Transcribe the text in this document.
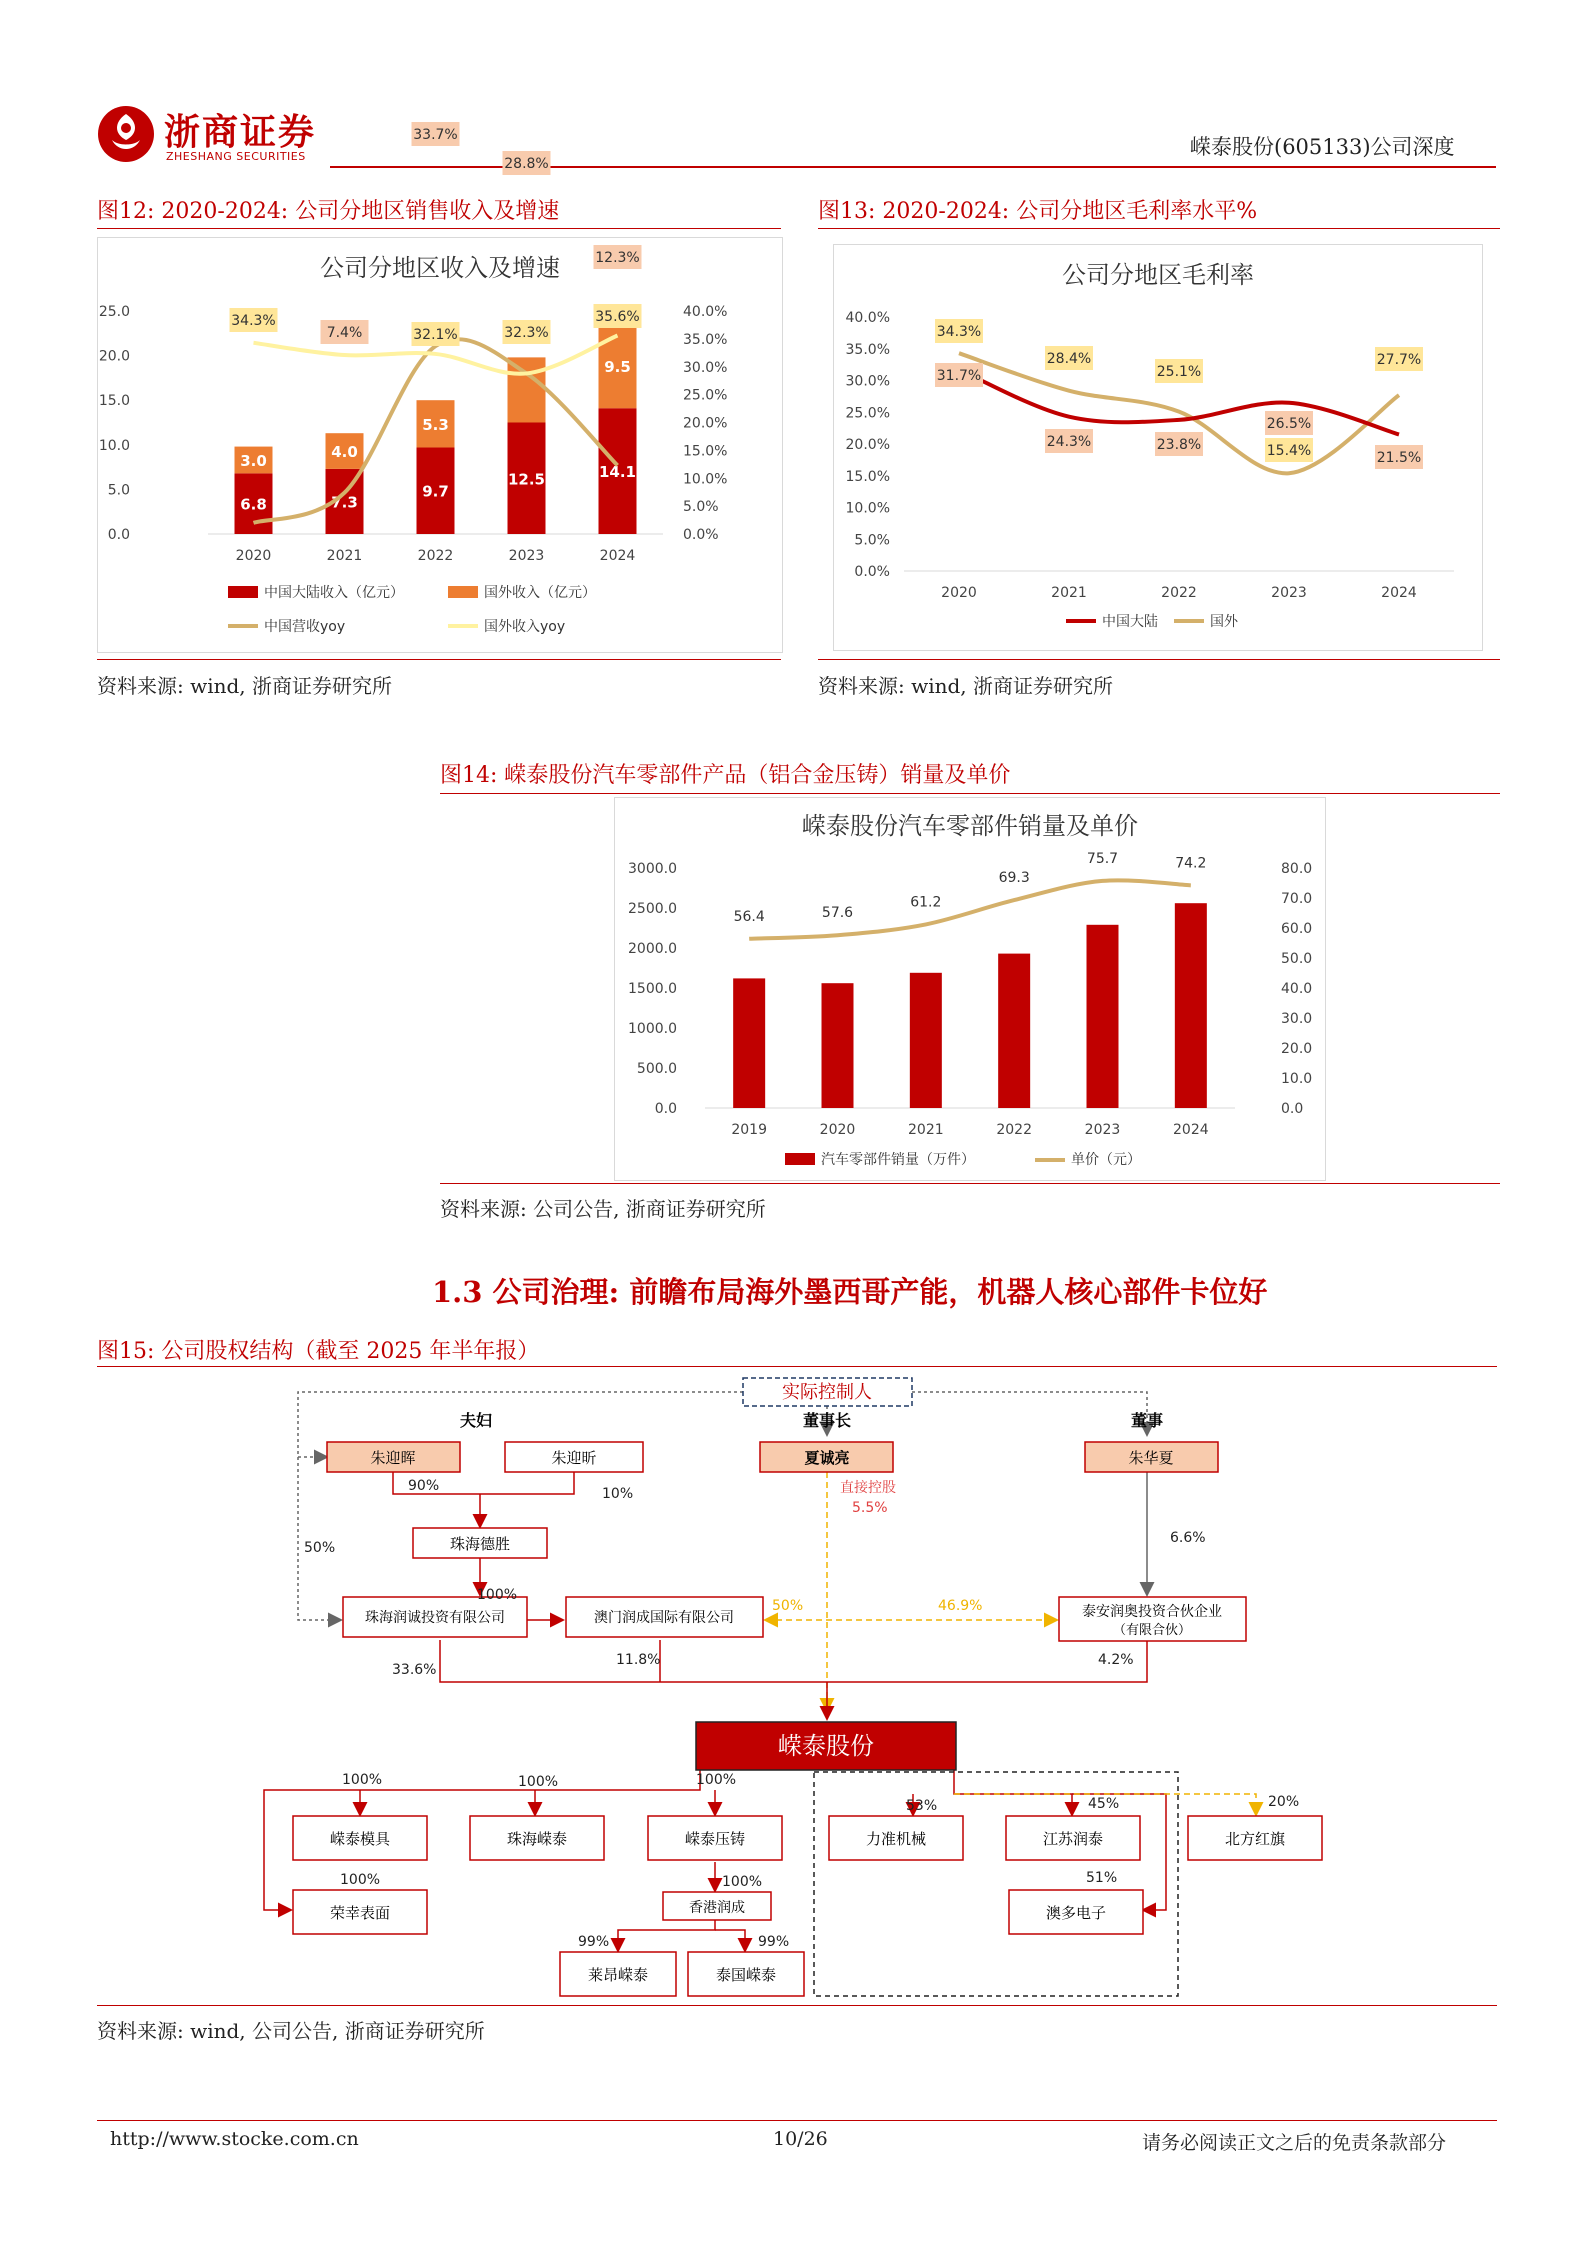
浙商证券
ZHESHANG SECURITIES	嵘泰股份(605133)公司深度
图12: 2020-2024: 公司分地区销售收入及增速
公司分地区收入及增速
0.0
5.0
10.0
15.0
20.0
25.0
0.0%
5.0%
10.0%
15.0%
20.0%
25.0%
30.0%
35.0%
40.0%
2020	2021	2022	2023	2024
6.8
3.0
7.3
4.0
9.7
5.3
12.5	14.1
9.5
7.4%
33.7%
28.8%
12.3%
34.3%
32.1%	32.3%
35.6%
中国大陆收入（亿元）	国外收入（亿元）
中国营收yoy	国外收入yoy
资料来源: wind, 浙商证券研究所
图13: 2020-2024: 公司分地区毛利率水平%
公司分地区毛利率
0.0%
5.0%
10.0%
15.0%
20.0%
25.0%
30.0%
35.0%
40.0%
2020	2021	2022	2023	2024
31.7%
24.3%	23.8%
26.5%
21.5%
34.3%
28.4%
25.1%
15.4%
27.7%
中国大陆	国外
资料来源: wind, 浙商证券研究所
图14: 嵘泰股份汽车零部件产品（铝合金压铸）销量及单价
嵘泰股份汽车零部件销量及单价
0.0
500.0
1000.0
1500.0
2000.0
2500.0
3000.0
0.0
10.0
20.0
30.0
40.0
50.0
60.0
70.0
80.0
2019	2020	2021	2022	2023	2024
56.4	57.6
61.2
69.3
75.7	74.2
汽车零部件销量（万件）	单价（元）
资料来源: 公司公告, 浙商证券研究所
1.3 公司治理: 前瞻布局海外墨西哥产能，机器人核心部件卡位好
图15: 公司股权结构（截至 2025 年半年报）
实际控制人
夫妇	董事长	董事
朱迎晖	朱迎昕	夏诚亮	朱华夏
珠海德胜
珠海润诚投资有限公司	澳门润成国际有限公司	泰安润奥投资合伙企业
（有限合伙）
嵘泰股份
嵘泰模具	珠海嵘泰	嵘泰压铸	力准机械	江苏润泰	北方红旗
荣幸表面	香港润成	澳多电子
莱昂嵘泰	泰国嵘泰
90%	10%
50%
100%
6.6%
直接控股
5.5%
50%	46.9%
33.6%
11.8%	4.2%
100%	100%	100%
53%	45%	20%
100%	100%	51%
99%	99%
资料来源: wind, 公司公告, 浙商证券研究所
http://www.stocke.com.cn	10/26	请务必阅读正文之后的免责条款部分
